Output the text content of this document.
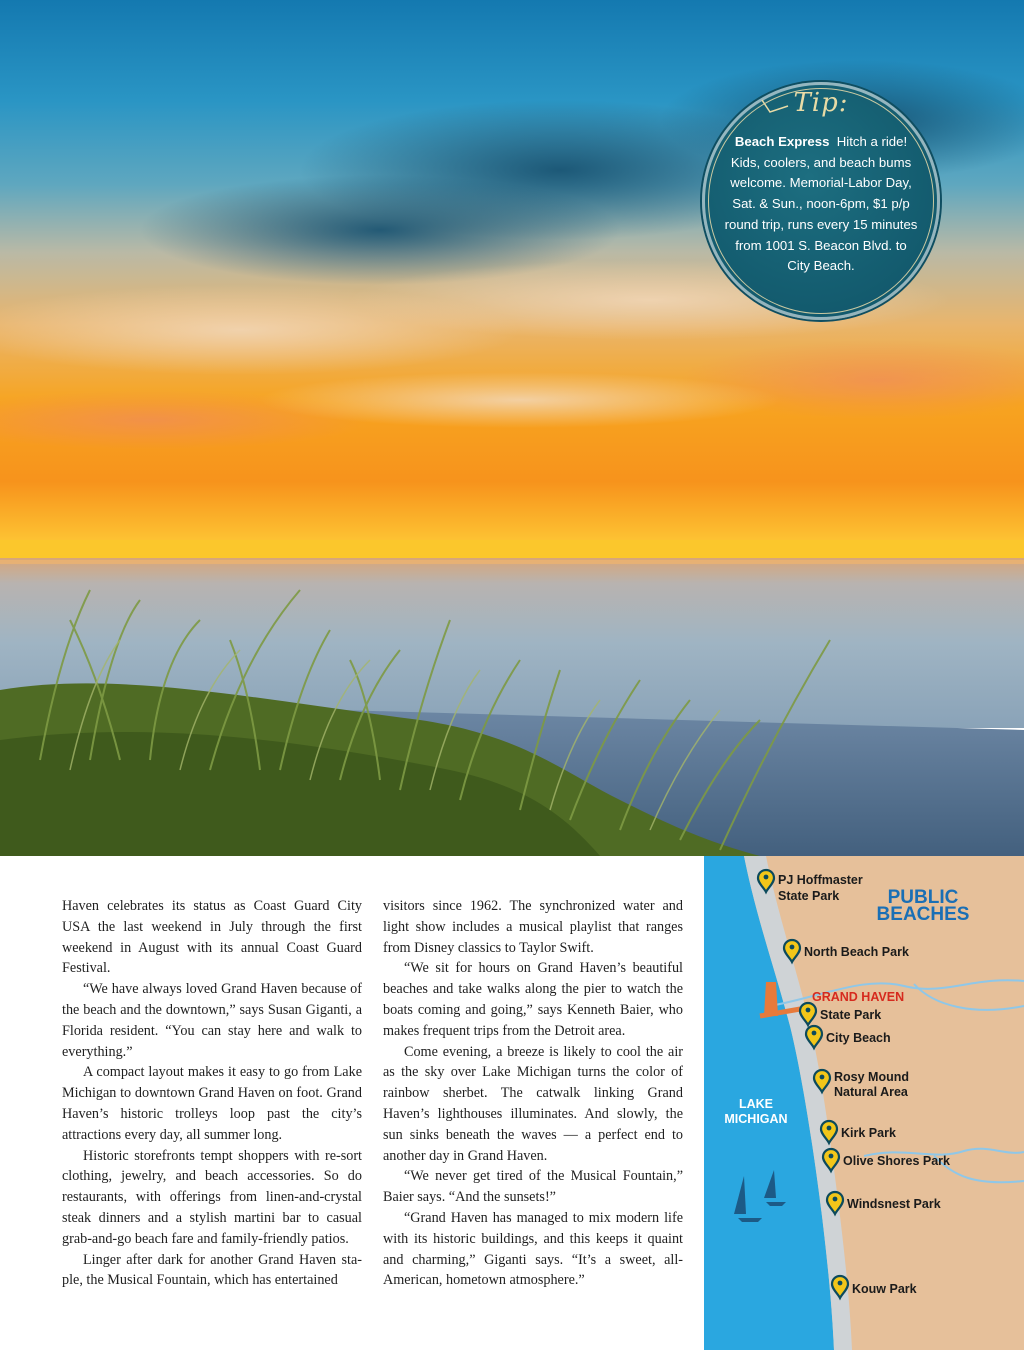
Tip:
Beach Express Hitch a ride! Kids, coolers, and beach bums welcome. Memorial-Labor Day, Sat. & Sun., noon-6pm, $1 p/p round trip, runs every 15 minutes from 1001 S. Beacon Blvd. to City Beach.

Haven celebrates its status as Coast Guard City USA the last weekend in July through the first weekend in August with its annual Coast Guard Festival.

“We have always loved Grand Haven because of the beach and the downtown,” says Susan Giganti, a Florida resident. “You can stay here and walk to everything.”

A compact layout makes it easy to go from Lake Michigan to downtown Grand Haven on foot. Grand Haven’s historic trolleys loop past the city’s attractions every day, all summer long.

Historic storefronts tempt shoppers with re-sort clothing, jewelry, and beach accessories. So do restaurants, with offerings from linen-and-crystal steak dinners and a stylish martini bar to casual grab-and-go beach fare and family-friendly patios.

Linger after dark for another Grand Haven sta-ple, the Musical Fountain, which has entertained

visitors since 1962. The synchronized water and light show includes a musical playlist that ranges from Disney classics to Taylor Swift.

“We sit for hours on Grand Haven’s beautiful beaches and take walks along the pier to watch the boats coming and going,” says Kenneth Baier, who makes frequent trips from the Detroit area.

Come evening, a breeze is likely to cool the air as the sky over Lake Michigan turns the color of rainbow sherbet. The catwalk linking Grand Haven’s lighthouses illuminates. And slowly, the sun sinks beneath the waves — a perfect end to another day in Grand Haven.

“We never get tired of the Musical Fountain,” Baier says. “And the sunsets!”

“Grand Haven has managed to mix modern life with its historic buildings, and this keeps it quaint and charming,” Giganti says. “It’s a sweet, all-American, hometown atmosphere.”

PUBLIC
BEACHES
LAKE
MICHIGAN
GRAND HAVEN
PJ Hoffmaster
State Park
North Beach Park
State Park
City Beach
Rosy Mound
Natural Area
Kirk Park
Olive Shores Park
Windsnest Park
Kouw Park
